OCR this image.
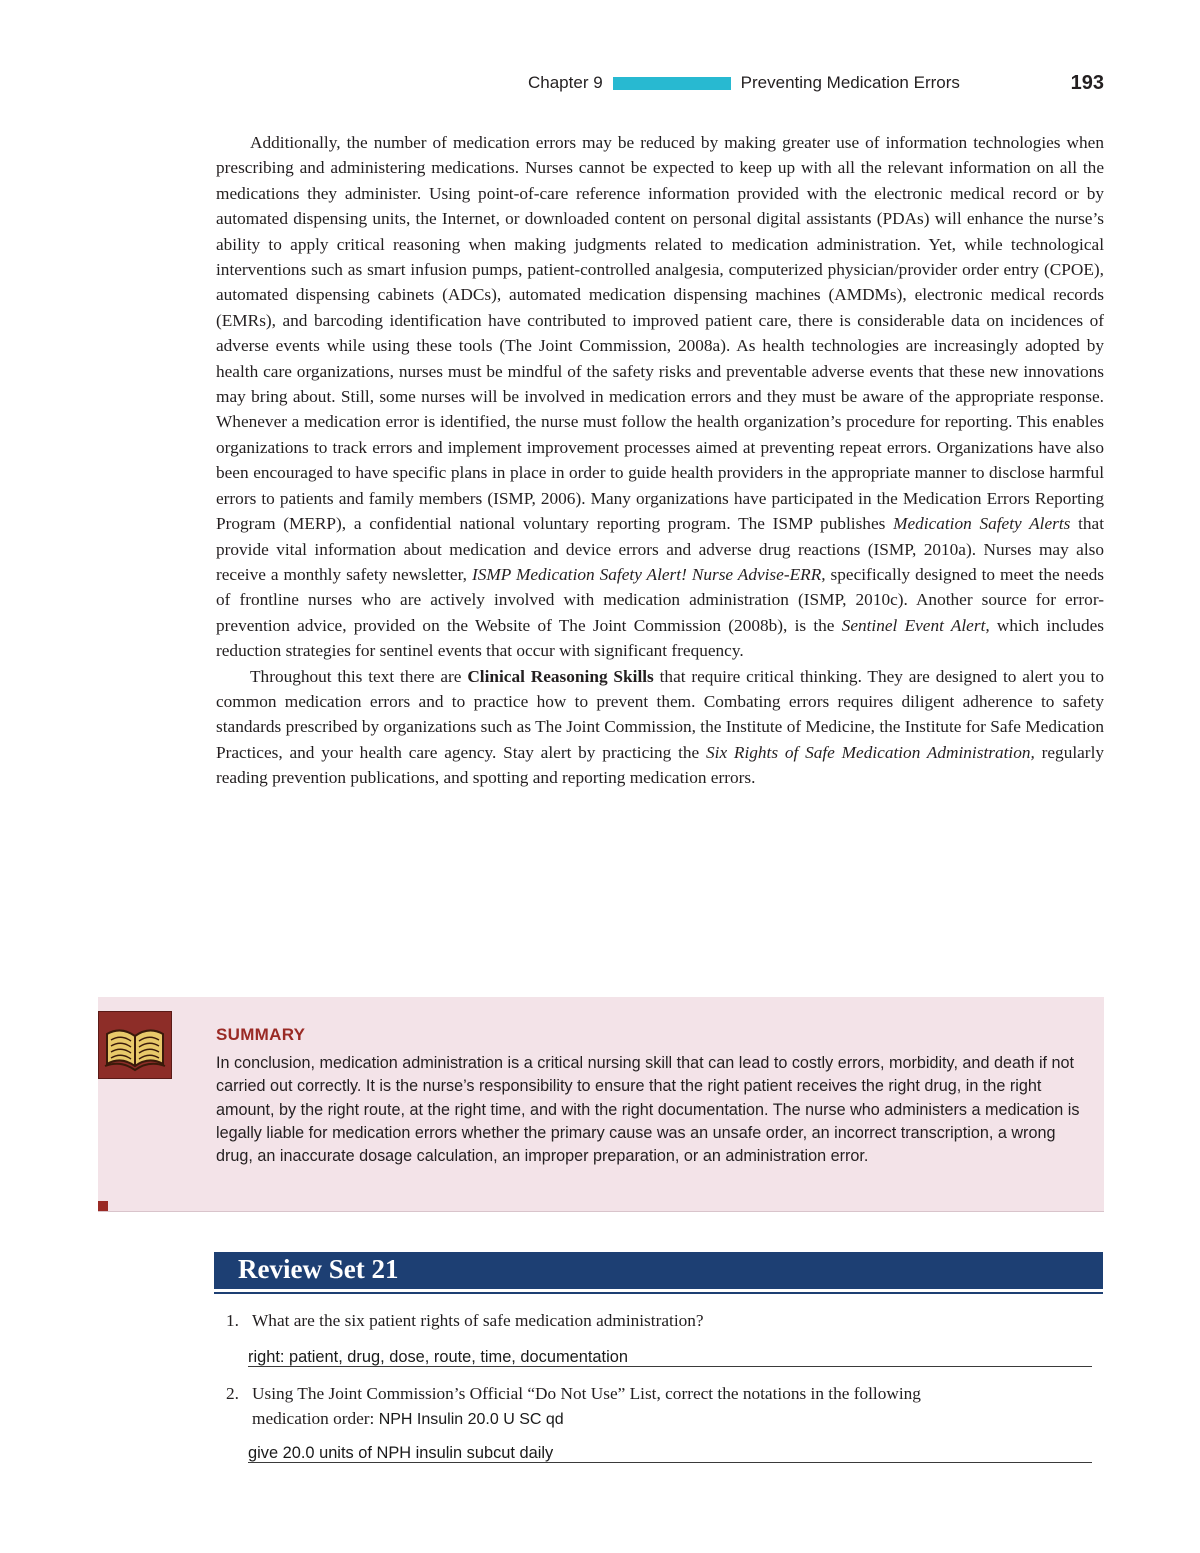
Chapter 9	Preventing Medication Errors	193

Additionally, the number of medication errors may be reduced by making greater use of information technologies when prescribing and administering medications. Nurses cannot be expected to keep up with all the relevant information on all the medications they administer. Using point-of-care reference information provided with the electronic medical record or by automated dispensing units, the Internet, or downloaded content on personal digital assistants (PDAs) will enhance the nurse’s ability to apply critical reasoning when making judgments related to medication administration. Yet, while technological interventions such as smart infusion pumps, patient-controlled analgesia, computerized physician/provider order entry (CPOE), automated dispensing cabinets (ADCs), automated medication dispensing machines (AMDMs), electronic medical records (EMRs), and barcoding identification have contributed to improved patient care, there is considerable data on incidences of adverse events while using these tools (The Joint Commission, 2008a). As health technologies are increasingly adopted by health care organizations, nurses must be mindful of the safety risks and preventable adverse events that these new innovations may bring about. Still, some nurses will be involved in medication errors and they must be aware of the appropriate response. Whenever a medication error is identified, the nurse must follow the health organization’s procedure for reporting. This enables organizations to track errors and implement improvement processes aimed at preventing repeat errors. Organizations have also been encouraged to have specific plans in place in order to guide health providers in the appropriate manner to disclose harmful errors to patients and family members (ISMP, 2006). Many organizations have participated in the Medication Errors Reporting Program (MERP), a confidential national voluntary reporting program. The ISMP publishes Medication Safety Alerts that provide vital information about medication and device errors and adverse drug reactions (ISMP, 2010a). Nurses may also receive a monthly safety newsletter, ISMP Medication Safety Alert! Nurse Advise-ERR, specifically designed to meet the needs of frontline nurses who are actively involved with medication administration (ISMP, 2010c). Another source for error-prevention advice, provided on the Website of The Joint Commission (2008b), is the Sentinel Event Alert, which includes reduction strategies for sentinel events that occur with significant frequency.

Throughout this text there are Clinical Reasoning Skills that require critical thinking. They are designed to alert you to common medication errors and to practice how to prevent them. Combating errors requires diligent adherence to safety standards prescribed by organizations such as The Joint Commission, the Institute of Medicine, the Institute for Safe Medication Practices, and your health care agency. Stay alert by practicing the Six Rights of Safe Medication Administration, regularly reading prevention publications, and spotting and reporting medication errors.

SUMMARY
In conclusion, medication administration is a critical nursing skill that can lead to costly errors, morbidity, and death if not carried out correctly. It is the nurse’s responsibility to ensure that the right patient receives the right drug, in the right amount, by the right route, at the right time, and with the right documentation. The nurse who administers a medication is legally liable for medication errors whether the primary cause was an unsafe order, an incorrect transcription, a wrong drug, an inaccurate dosage calculation, an improper preparation, or an administration error.
Review Set 21
1. What are the six patient rights of safe medication administration?
right: patient, drug, dose, route, time, documentation
2. Using The Joint Commission’s Official “Do Not Use” List, correct the notations in the following
medication order: NPH Insulin 20.0 U SC qd
give 20.0 units of NPH insulin subcut daily
